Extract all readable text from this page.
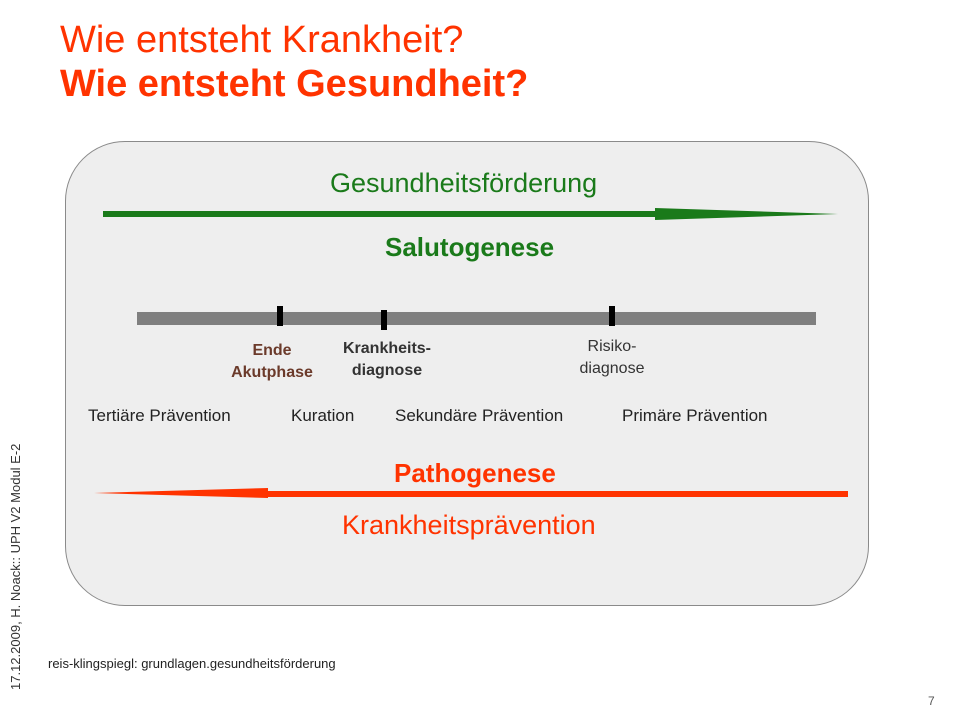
Wie entsteht Krankheit?
Wie entsteht Gesundheit?
17.12.2009, H. Noack:: UPH V2 Modul E-2
Gesundheitsförderung
Salutogenese
Ende
Akutphase
Krankheits-
diagnose
Risiko-
diagnose
Tertiäre Prävention	Kuration Sekundäre Prävention	Primäre Prävention
Pathogenese
Krankheitsprävention
reis-klingspiegl: grundlagen.gesundheitsförderung
7
